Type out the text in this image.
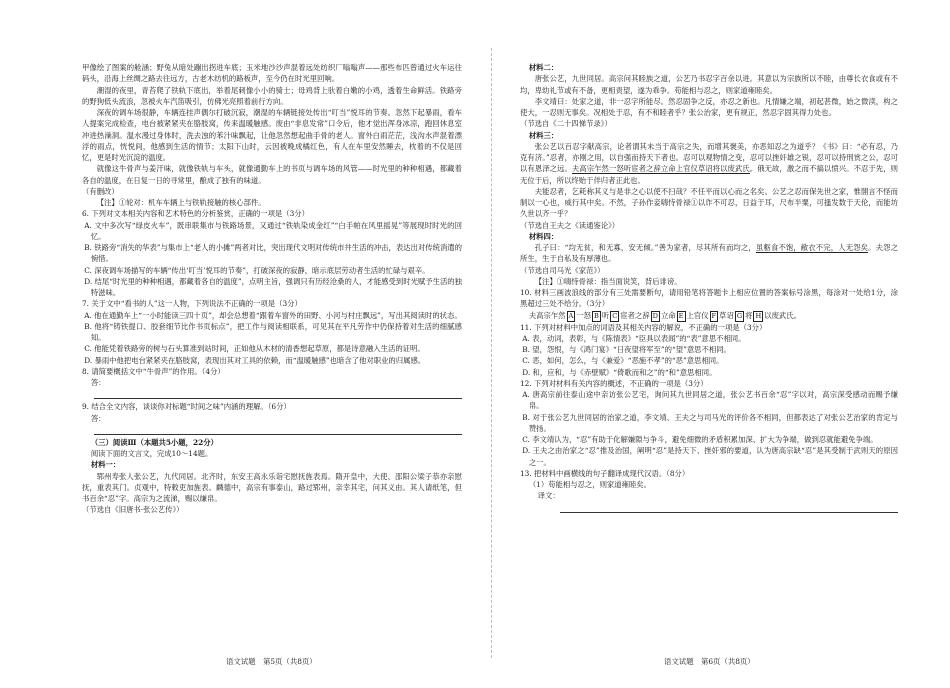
甲像绘了图案的舱涵；野兔从暗处蹦出拐进车底；玉米地沙沙声混着远处纺织厂嗡嗡声——那些布匹曾通过火车运往码头，沿海上丝绸之路去往远方，古老木纺机的路板声，至今仍在时光里回响。

潮湿的夜里，青苔爬了铁轨下底出，举着尾刺像小小的骑士；母鸡背上驮着白嫩的小鸡，透着生命鲜活。铁路旁的野狗低头流浪，忽被火车汽笛吸引，仿佛光亮照着前行方向。

深夜的调车场很静，车辆连挂声偶尔打破沉寂，潮湿的车辆链接处传出“叮当”悦耳的节奏。忽然下起暴雨，看车人提案完成检查，电台被紧紧夹在胳肢窝，传来温暖触感。废由“非息发常”口令后，他才觉出浑身冰凉，跑回休息室冲进热澡洞。温水漫过身体时，洗去浊的苯汁味飘起，让他忽然想起曲手骨的老人。窗外白雨茫茫，浅沟水声混着漂浮的雨点，恍悦间，他感到生活的情节；太阳下山时，云因被晚成橘红色，有人在车里安然睡去，枕着的不仅是回忆，更是时光沉淀的温度。

就像这牛骨声与姜汗味，就像铁轨与车头，就像通勤车上的书页与调车场的风管——时光里的种种相遇，都藏着各自的温度，在日复一日的寻常里，酿成了独有的味道。

（有删改）

【注】①轮对：机车车辆上与铁轨接触的核心部件。

6. 下列对文本相关内容和艺术特色的分析鉴赏，正确的一项是（3分）

A. 文中多次写“绿皮火车”，既串联集市与铁路场景，又通过“铁轨染成金红”“白手帕在风里摇晃”等展现时时光的回忆。

B. 铁路旁“消失的华表”与集市上“老人的小摊”两者对比，突出现代文明对传统市井生活的冲击，表达出对传统消遣的惋惜。

C. 深夜调车场描写的车辆“传出‘叮当’悦耳的节奏”，打破深夜的寂静，暗示底层劳动者生活的忙碌与艰辛。

D. 结尾“时光里的种种相遇，都藏着各自的温度”，点明主旨，强调只有历经沧桑的人，才能感受到时光赋予生活的独特滋味。

7. 关于文中“看书的人”这一人物，下列说法不正确的一项是（3分）

A. 他在通勤车上“一小时能读三四十页”，却会总想着“跟着车窗外的田野、小河与村庄飘远”，写出其阅读时的状态。

B. 他将“铸铁提口、胶套细节比作书页标点”，把工作与阅读相联系，可见其在平凡劳作中仍保持着对生活的细腻感知。

C. 他能凭着铁路旁的树与石头算准到站时间，正如他从木材的清香想起草原，都是诗意融入生活的证明。

D. 暴雨中他把电台紧紧夹在胳肢窝，表现出其对工具的依赖，而“温暖触感”也暗含了他对职业的归属感。

8. 请简要概括文中“牛骨声”的作用。（4分）

答：

9. 结合全文内容，谈谈你对标题“时间之味”内涵的理解。（6分）

答：

（三）阅读Ⅲ（本题共5小题，22分）

阅读下面的文言文，完成10～14题。

材料一：

郓州寿张人张公艺，九代同居。北齐时，东安王高永乐诣宅慰抚旌表焉。隋开皇中，大使、邵阳公梁子恭亦亲慰抚，重表其门。贞观中，特敕吏加旌表。麟德中，高宗有事泰山，路过郓州，亲幸其宅，问其义由。其人请纸笔，但书百余“忍”字。高宗为之流涕，赐以缣帛。

（节选自《旧唐书·张公艺传》）

语文试题　第5页（共8页）

材料二：

唐张公艺，九世同居。高宗问其睦族之道，公艺乃书忍字百余以进。其意以为宗族所以不睦，由尊长衣食或有不均，卑幼礼节或有不备，更相责望，遂为乖争。苟能相与忍之，则家道雍睦矣。

李文靖曰：处家之道，非一忍字所能尽。然忍固争之反，亦忍之新也。凡情嫌之端，初起甚微，始之微渎，构之使大，一忍则无事矣。况相处于忍，有不和睦者乎？张公治家，更有规正，然忍字固其得力处也。

（节选自《二十四悌节录》）

材料三：

张公艺以百忍字献高宗，论者谓其未当于高宗之失，而增其褒美，亦恶知忍之为道乎？《书》曰：“必有忍，乃克有济。”忍者，亦刚之用，以自强而持天下者也。忍可以观物情之变，忍可以挫奸雄之锐，忍可以持刑赏之公，忍可以有恩泽之远。夫高宗乍然一怒听宦者之辞立命上官仪草诏将以废武氏。俄无故，激之而不搞以愤兴。不忍于先，则无位于后，所以终贻于佯归者正此也。

夫能忍者，乞耗称其义与是非之心以使不扫哉？不任平而以心而之名矣。公艺之忍而保先世之家，惟閤言不怪而制以一心也，威行其中矣。不然，子孙作妾嗨恃骨禄①以诈不可忍，日益于耳，尺布半粟，可搔发数于天伦，而能坊久世以齐一乎？

（节选自王夫之《读通鉴论》）

材料四：

孔子曰：“均无贫，和无寡，安无倾。”善为家者，尽其所有而均之，虽粝食不饱，敝衣不完，人无怨矣。夫怨之所生，生于自私及有厚薄也。

（节选自司马光《家范》）

【注】①嗨恃骨禄：指当面说笑，背后诽谤。

10. 材料三画波浪线的部分有三处需要断句，请用铅笔将答题卡上相应位置的答案标号涂黑，每涂对一处给1分，涂黑超过三处不给分。（3分）

夫高宗乍然 A 一怒 B 听 C 宦者之辞 D 立命 E 上官仪 F 草诏 G 将 H 以废武氏。

11. 下列对材料中加点的词语及其相关内容的解说，不正确的一项是（3分）

A. 表，动词，表彰，与《陈情表》“臣具以表闻”的“表”意思不相同。

B. 望，怨恨，与《鸿门宴》“日夜望将军至”的“望”意思不相同。

C. 恶，如何，怎么，与《兼爱》“恶施不孝”的“恶”意思相同。

D. 和，应和，与《赤壁赋》“倚歌而和之”的“和”意思相同。

12. 下列对材料有关内容的概述，不正确的一项是（3分）

A. 唐高宗前往泰山途中亲访张公艺宅，询问其九世同居之道，张公艺书百余“忍”字以对，高宗深受感动而赐予缣帛。

B. 对于张公艺九世同居的治家之道，李文靖、王夫之与司马光的评价各不相同，但都表达了对张公艺治家的肯定与赞扬。

C. 李文靖认为，“忍”有助于化解嫌隙与争斗，避免细微的矛盾积累加深、扩大为争端，做到忍就能避免争端。

D. 王夫之由治家之“忍”推及治国，阐明“忍”是持天下、挫奸邪的要道，认为唐高宗缺“忍”是其受制于武则天的原因之一。

13. 把材料中画横线的句子翻译成现代汉语。（8分）

（1）苟能相与忍之，则家道雍睦矣。

译文：

语文试题　第6页（共8页）
